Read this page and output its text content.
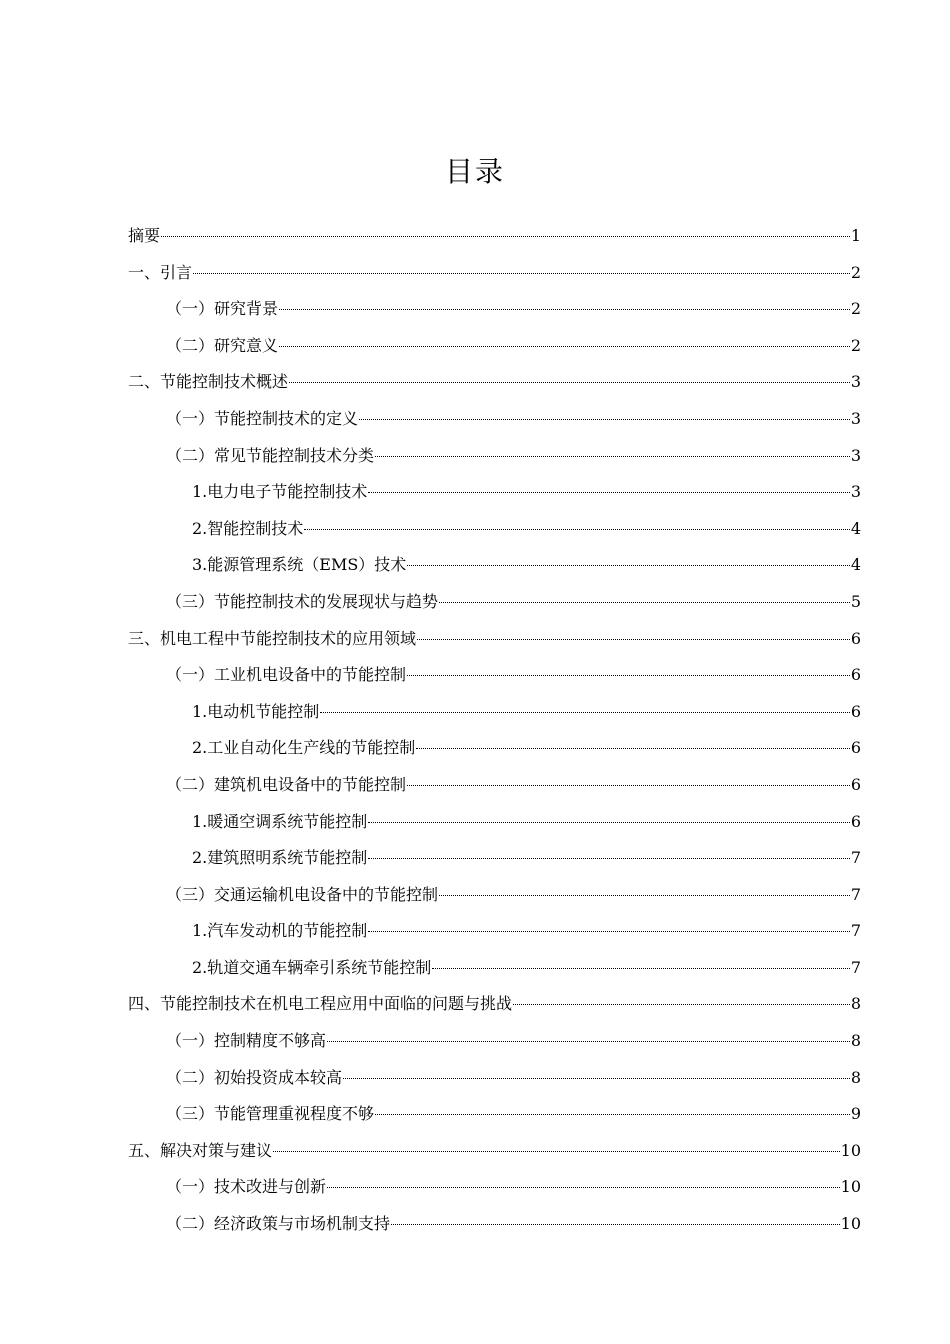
目录
摘要	1
一、引言	2
（一）研究背景	2
（二）研究意义	2
二、节能控制技术概述	3
（一）节能控制技术的定义	3
（二）常见节能控制技术分类	3
1.电力电子节能控制技术	3
2.智能控制技术	4
3.能源管理系统（EMS）技术	4
（三）节能控制技术的发展现状与趋势	5
三、机电工程中节能控制技术的应用领域	6
（一）工业机电设备中的节能控制	6
1.电动机节能控制	6
2.工业自动化生产线的节能控制	6
（二）建筑机电设备中的节能控制	6
1.暖通空调系统节能控制	6
2.建筑照明系统节能控制	7
（三）交通运输机电设备中的节能控制	7
1.汽车发动机的节能控制	7
2.轨道交通车辆牵引系统节能控制	7
四、节能控制技术在机电工程应用中面临的问题与挑战	8
（一）控制精度不够高	8
（二）初始投资成本较高	8
（三）节能管理重视程度不够	9
五、解决对策与建议	10
（一）技术改进与创新	10
（二）经济政策与市场机制支持	10
